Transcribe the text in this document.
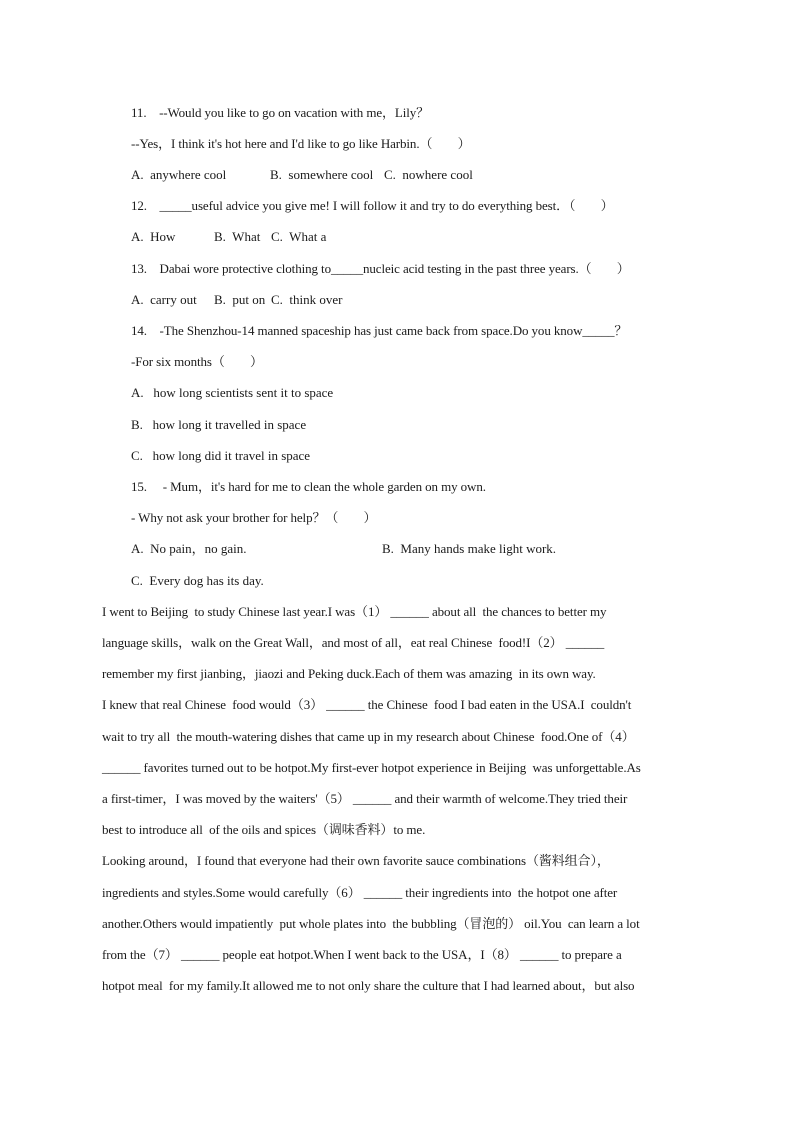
11.    --Would you like to go on vacation with me，Lily？
--Yes，I think it's hot here and I'd like to go like Harbin.（        ）
A.  anywhere cool	B.  somewhere cool C.  nowhere cool
12.    _____useful advice you give me! I will follow it and try to do everything best．（        ）
A.  How	B.  What C.  What a
13.    Dabai wore protective clothing to_____nucleic acid testing in the past three years.（        ）
A.  carry out B.  put on C.  think over
14.    -The Shenzhou-14 manned spaceship has just came back from space.Do you know_____？
-For six months（        ）
A.   how long scientists sent it to space
B.   how long it travelled in space
C.   how long did it travel in space
15.     - Mum，it's hard for me to clean the whole garden on my own.
- Why not ask your brother for help？（        ）
A.  No pain，no gain.	B.  Many hands make light work.
C.  Every dog has its day.
I went to Beijing  to study Chinese last year.I was（1） ______ about all  the chances to better my
language skills，walk on the Great Wall，and most of all，eat real Chinese  food!I（2） ______
remember my first jianbing，jiaozi and Peking duck.Each of them was amazing  in its own way.
I knew that real Chinese  food would（3） ______ the Chinese  food I bad eaten in the USA.I  couldn't
wait to try all  the mouth-watering dishes that came up in my research about Chinese  food.One of（4）
______ favorites turned out to be hotpot.My first-ever hotpot experience in Beijing  was unforgettable.As
a first-timer，I was moved by the waiters'（5） ______ and their warmth of welcome.They tried their
best to introduce all  of the oils and spices（调味香料）to me.
Looking around，I found that everyone had their own favorite sauce combinations（酱料组合），
ingredients and styles.Some would carefully（6） ______ their ingredients into  the hotpot one after
another.Others would impatiently  put whole plates into  the bubbling（冒泡的） oil.You  can learn a lot
from the（7） ______ people eat hotpot.When I went back to the USA，I（8） ______ to prepare a
hotpot meal  for my family.It allowed me to not only share the culture that I had learned about，but also
